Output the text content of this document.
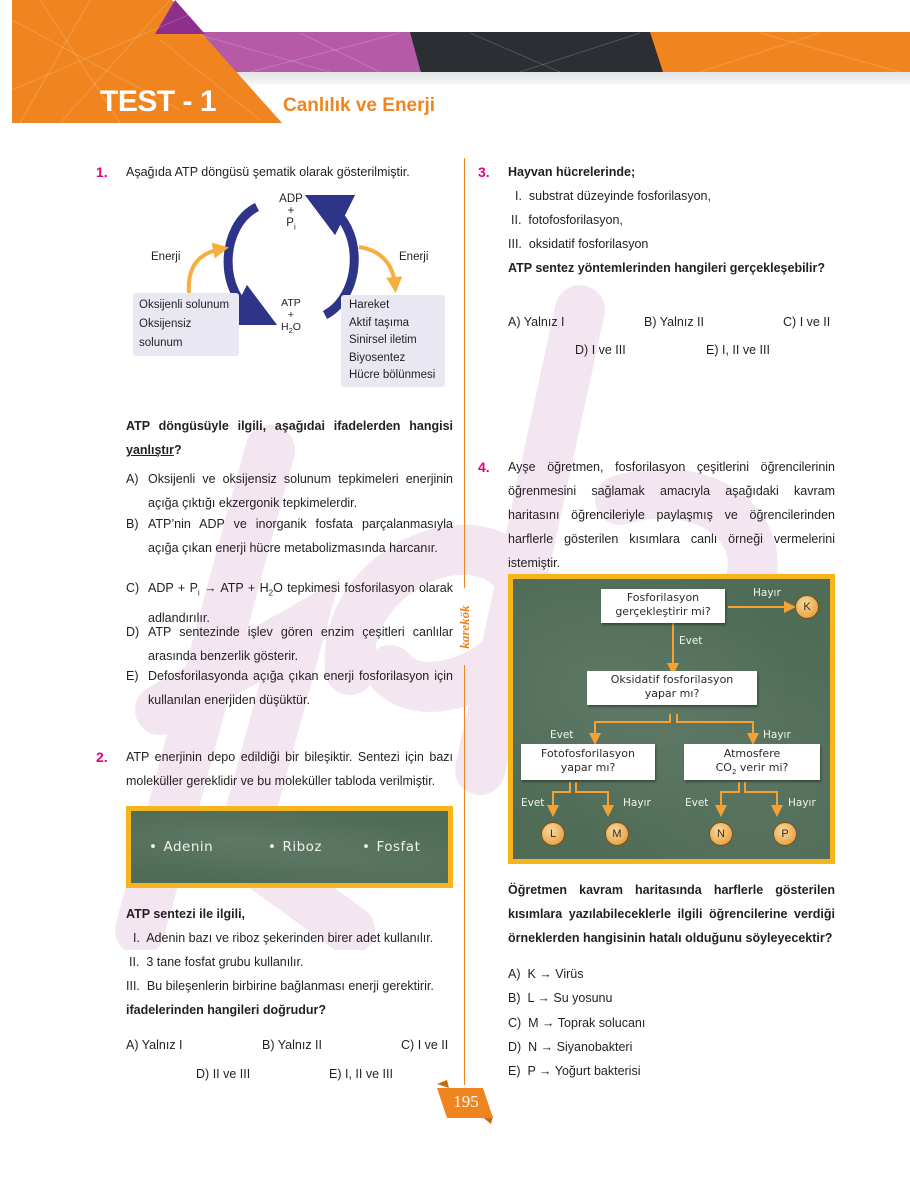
TEST - 1	Canlılık ve Enerji
karekök
1. Aşağıda ATP döngüsü şematik olarak gösterilmiştir.
ADP
+
$P_i$
ATP
+
$H_2O$
Enerji	Enerji
Oksijenli solunum
Oksijensiz solunum
Hareket
Aktif taşıma
Sinirsel iletim
Biyosentez
Hücre bölünmesi
ATP döngüsüyle ilgili, aşağıdai ifadelerden hangisi yanlıştır?
A) Oksijenli ve oksijensiz solunum tepkimeleri enerjinin açığa çıktığı ekzergonik tepkimelerdir.
B) ATP’nin ADP ve inorganik fosfata parçalanmasıyla açığa çıkan enerji hücre metabolizmasında harcanır.
C) ADP + $P_i$ → ATP + $H_2O$ tepkimesi fosforilasyon olarak adlandırılır.
D) ATP sentezinde işlev gören enzim çeşitleri canlılar arasında benzerlik gösterir.
E) Defosforilasyonda açığa çıkan enerji fosforilasyon için kullanılan enerjiden düşüktür.
2. ATP enerjinin depo edildiği bir bileşiktir. Sentezi için bazı moleküller gereklidir ve bu moleküller tabloda verilmiştir.
• Adenin	• Riboz	• Fosfat
ATP sentezi ile ilgili,
I. Adenin bazı ve riboz şekerinden birer adet kullanılır.
II. 3 tane fosfat grubu kullanılır.
III. Bu bileşenlerin birbirine bağlanması enerji gerektirir.
ifadelerinden hangileri doğrudur?
A) Yalnız I	B) Yalnız II	C) I ve II
D) II ve III	E) I, II ve III
3. Hayvan hücrelerinde;
I. substrat düzeyinde fosforilasyon,
II. fotofosforilasyon,
III. oksidatif fosforilasyon
ATP sentez yöntemlerinden hangileri gerçekleşebilir?
A) Yalnız I	B) Yalnız II	C) I ve II
D) I ve III	E) I, II ve III
4. Ayşe öğretmen, fosforilasyon çeşitlerini öğrencilerinin öğrenmesini sağlamak amacıyla aşağıdaki kavram haritasını öğrencileriyle paylaşmış ve öğrencilerinden harflerle gösterilen kısımlara canlı örneği vermelerini istemiştir.
Fosforilasyon
gerçekleştirir mi?
Hayır
K
Evet
Oksidatif fosforilasyon
yapar mı?
Evet	Hayır
Fotofosforilasyon
yapar mı?
Atmosfere
$CO_2$ verir mi?
Evet	Hayır	Evet	Hayır
L	M	N	P
Öğretmen kavram haritasında harflerle gösterilen kısımlara yazılabileceklerle ilgili öğrencilerine verdiği örneklerden hangisinin hatalı olduğunu söyleyecektir?
A) K → Virüs
B) L → Su yosunu
C) M → Toprak solucanı
D) N → Siyanobakteri
E) P → Yoğurt bakterisi
195
